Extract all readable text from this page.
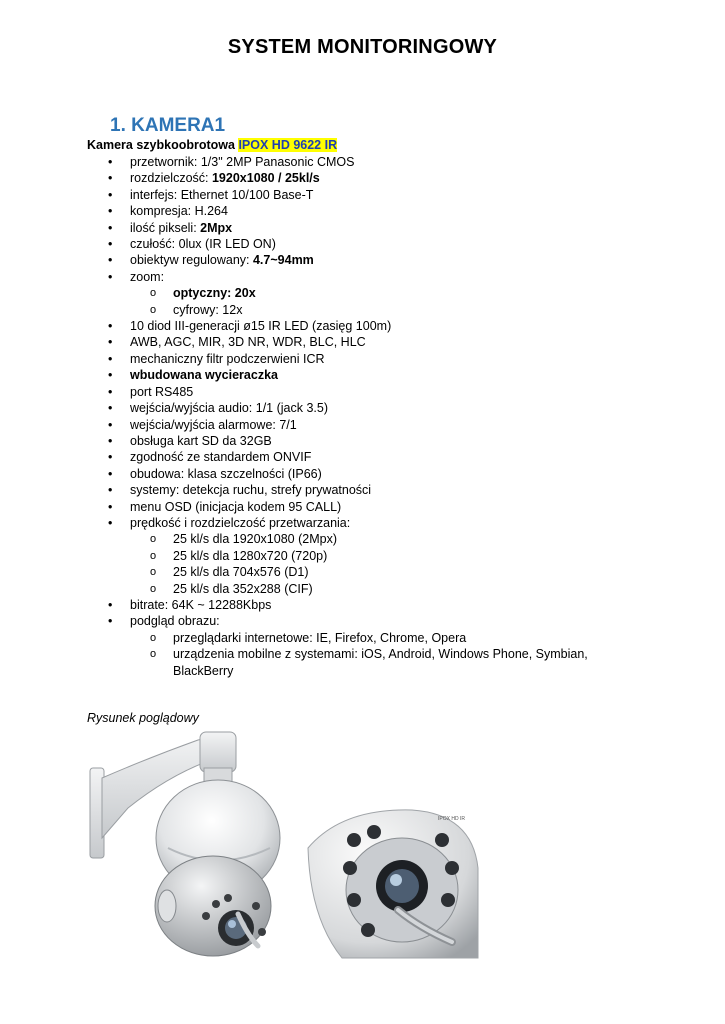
SYSTEM MONITORINGOWY
1. KAMERA1
Kamera szybkoobrotowa IPOX HD 9622 IR
• przetwornik: 1/3" 2MP Panasonic CMOS
• rozdzielczość: 1920x1080 / 25kl/s
• interfejs: Ethernet 10/100 Base-T
• kompresja: H.264
• ilość pikseli: 2Mpx
• czułość: 0lux (IR LED ON)
• obiektyw regulowany: 4.7~94mm
• zoom:
o optyczny: 20x
o cyfrowy: 12x
• 10 diod III-generacji ø15 IR LED (zasięg 100m)
• AWB, AGC, MIR, 3D NR, WDR, BLC, HLC
• mechaniczny filtr podczerwieni ICR
• wbudowana wycieraczka
• port RS485
• wejścia/wyjścia audio: 1/1 (jack 3.5)
• wejścia/wyjścia alarmowe: 7/1
• obsługa kart SD da 32GB
• zgodność ze standardem ONVIF
• obudowa: klasa szczelności (IP66)
• systemy: detekcja ruchu, strefy prywatności
• menu OSD (inicjacja kodem 95 CALL)
• prędkość i rozdzielczość przetwarzania:
o 25 kl/s dla 1920x1080 (2Mpx)
o 25 kl/s dla 1280x720 (720p)
o 25 kl/s dla 704x576 (D1)
o 25 kl/s dla 352x288 (CIF)
• bitrate: 64K ~ 12288Kbps
• podgląd obrazu:
o przeglądarki internetowe: IE, Firefox, Chrome, Opera
o urządzenia mobilne z systemami: iOS, Android, Windows Phone, Symbian, BlackBerry
Rysunek poglądowy
IPOX HD IR
